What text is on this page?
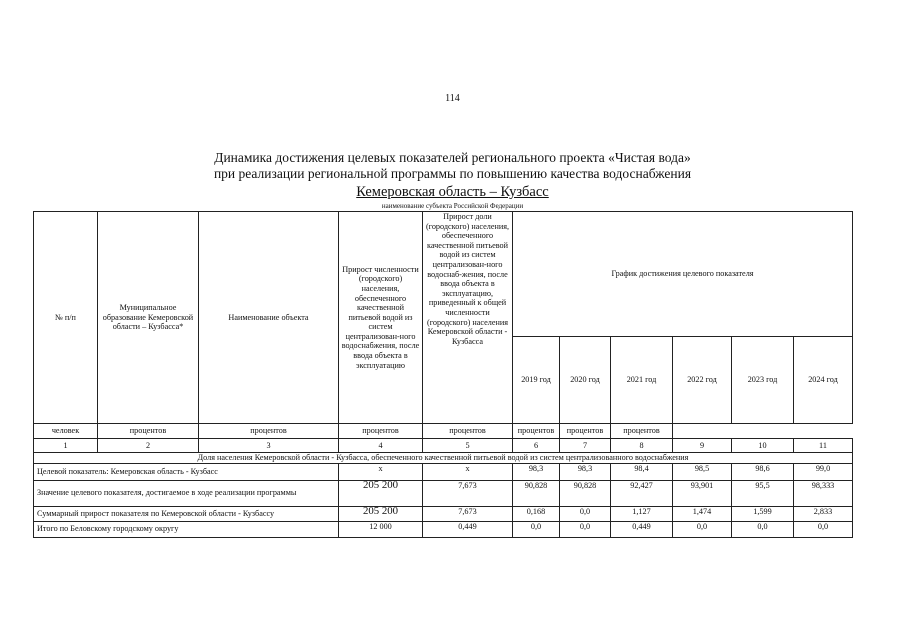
114
Динамика достижения целевых показателей регионального проекта «Чистая вода»
при реализации региональной программы по повышению качества водоснабжения
Кемеровская область – Кузбасс
наименование субъекта Российской Федерации
№ п/п	Муниципальное образование Кемеровской области – Кузбасса*	Наименование объекта	Прирост численности (городского) населения, обеспеченного качественной питьевой водой из систем централизован-ного водоснабжения, после ввода объекта в эксплуатацию	Прирост доли (городского) населения, обеспеченного качественной питьевой водой из систем централизован-ного водоснаб-жения, после ввода объекта в эксплуатацию, приведенный к общей численности (городского) населения Кемеровской области - Кузбасса	График достижения целевого показателя					
					2019 год	2020 год	2021 год	2022 год	2023 год	2024 год
человек	процентов	процентов	процентов	процентов	процентов	процентов	процентов			
1	2	3	4	5	6	7	8	9	10	11
Доля населения Кемеровской области - Кузбасса, обеспеченного качественной питьевой водой из систем централизованного водоснабжения										
Целевой показатель: Кемеровская область - Кузбасс			x	x	98,3	98,3	98,4	98,5	98,6	99,0
Значение целевого показателя, достигаемое в ходе реализации программы			205 200	7,673	90,828	90,828	92,427	93,901	95,5	98,333
Суммарный прирост показателя по Кемеровской области - Кузбассу			205 200	7,673	0,168	0,0	1,127	1,474	1,599	2,833
Итого по Беловскому городскому округу			12 000	0,449	0,0	0,0	0,449	0,0	0,0	0,0
